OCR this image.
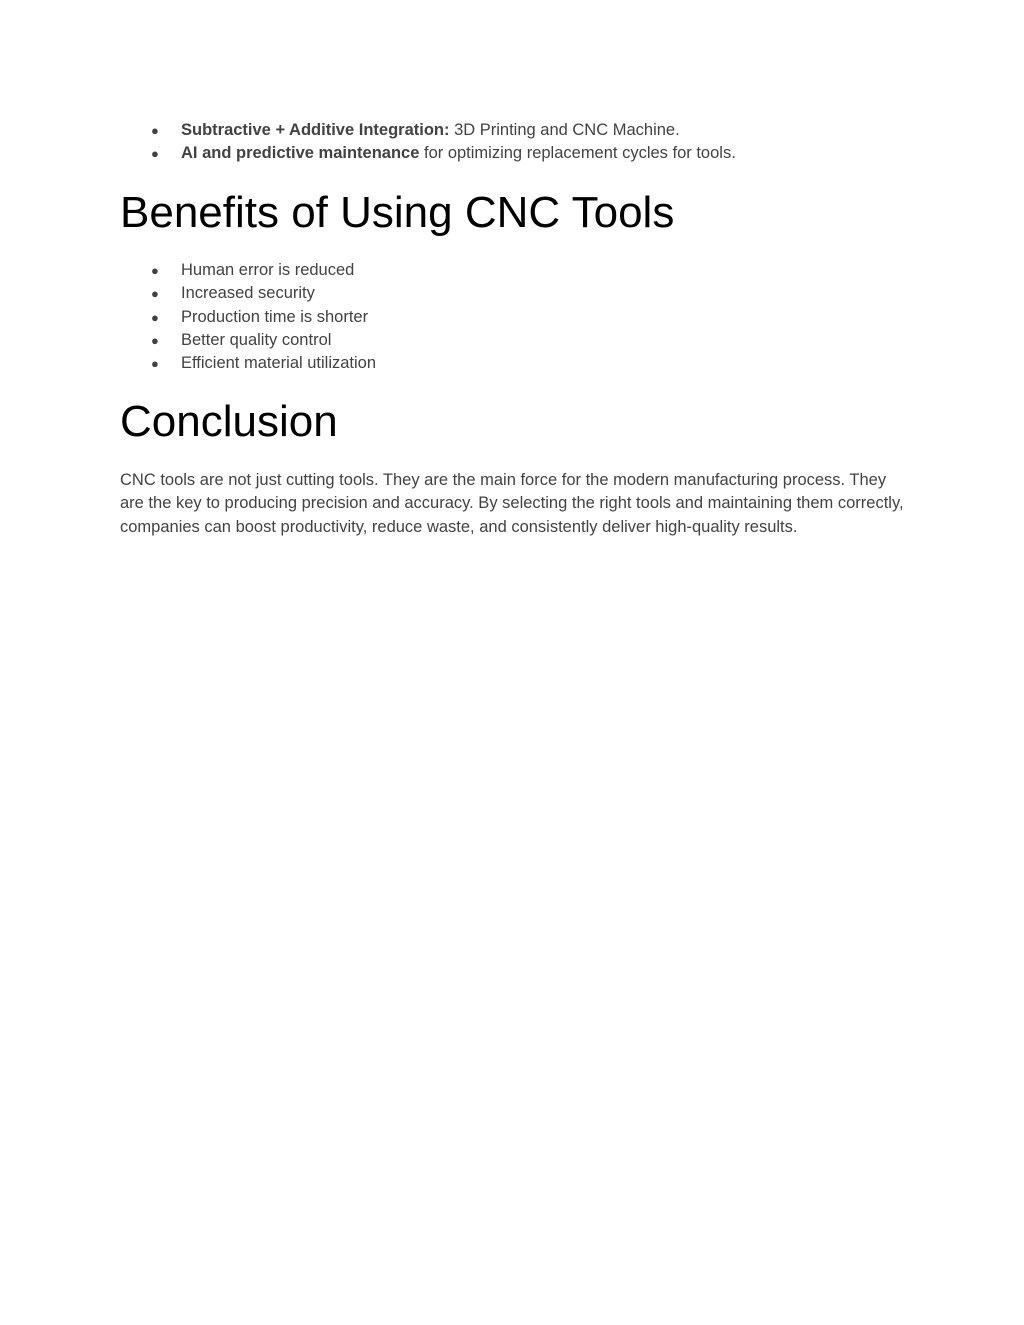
● Subtractive + Additive Integration: 3D Printing and CNC Machine.
● AI and predictive maintenance for optimizing replacement cycles for tools.
Benefits of Using CNC Tools
● Human error is reduced
● Increased security
● Production time is shorter
● Better quality control
● Efficient material utilization
Conclusion

CNC tools are not just cutting tools. They are the main force for the modern manufacturing process. They are the key to producing precision and accuracy. By selecting the right tools and maintaining them correctly, companies can boost productivity, reduce waste, and consistently deliver high-quality results.
